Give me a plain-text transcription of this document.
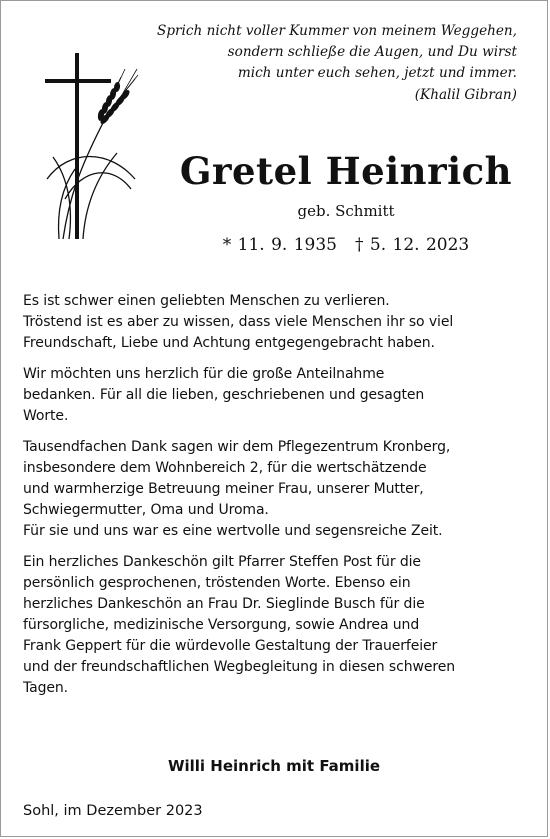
Sprich nicht voller Kummer von meinem Weggehen,
sondern schließe die Augen, und Du wirst
mich unter euch sehen, jetzt und immer.
(Khalil Gibran)
Gretel Heinrich
geb. Schmitt
* 11. 9. 1935 † 5. 12. 2023
Es ist schwer einen geliebten Menschen zu verlieren.
Tröstend ist es aber zu wissen, dass viele Menschen ihr so viel
Freundschaft, Liebe und Achtung entgegengebracht haben.
Wir möchten uns herzlich für die große Anteilnahme
bedanken. Für all die lieben, geschriebenen und gesagten
Worte.
Tausendfachen Dank sagen wir dem Pflegezentrum Kronberg,
insbesondere dem Wohnbereich 2, für die wertschätzende
und warmherzige Betreuung meiner Frau, unserer Mutter,
Schwiegermutter, Oma und Uroma.
Für sie und uns war es eine wertvolle und segensreiche Zeit.
Ein herzliches Dankeschön gilt Pfarrer Steffen Post für die
persönlich gesprochenen, tröstenden Worte. Ebenso ein
herzliches Dankeschön an Frau Dr. Sieglinde Busch für die
fürsorgliche, medizinische Versorgung, sowie Andrea und
Frank Geppert für die würdevolle Gestaltung der Trauerfeier
und der freundschaftlichen Wegbegleitung in diesen schweren
Tagen.
Willi Heinrich mit Familie
Sohl, im Dezember 2023
